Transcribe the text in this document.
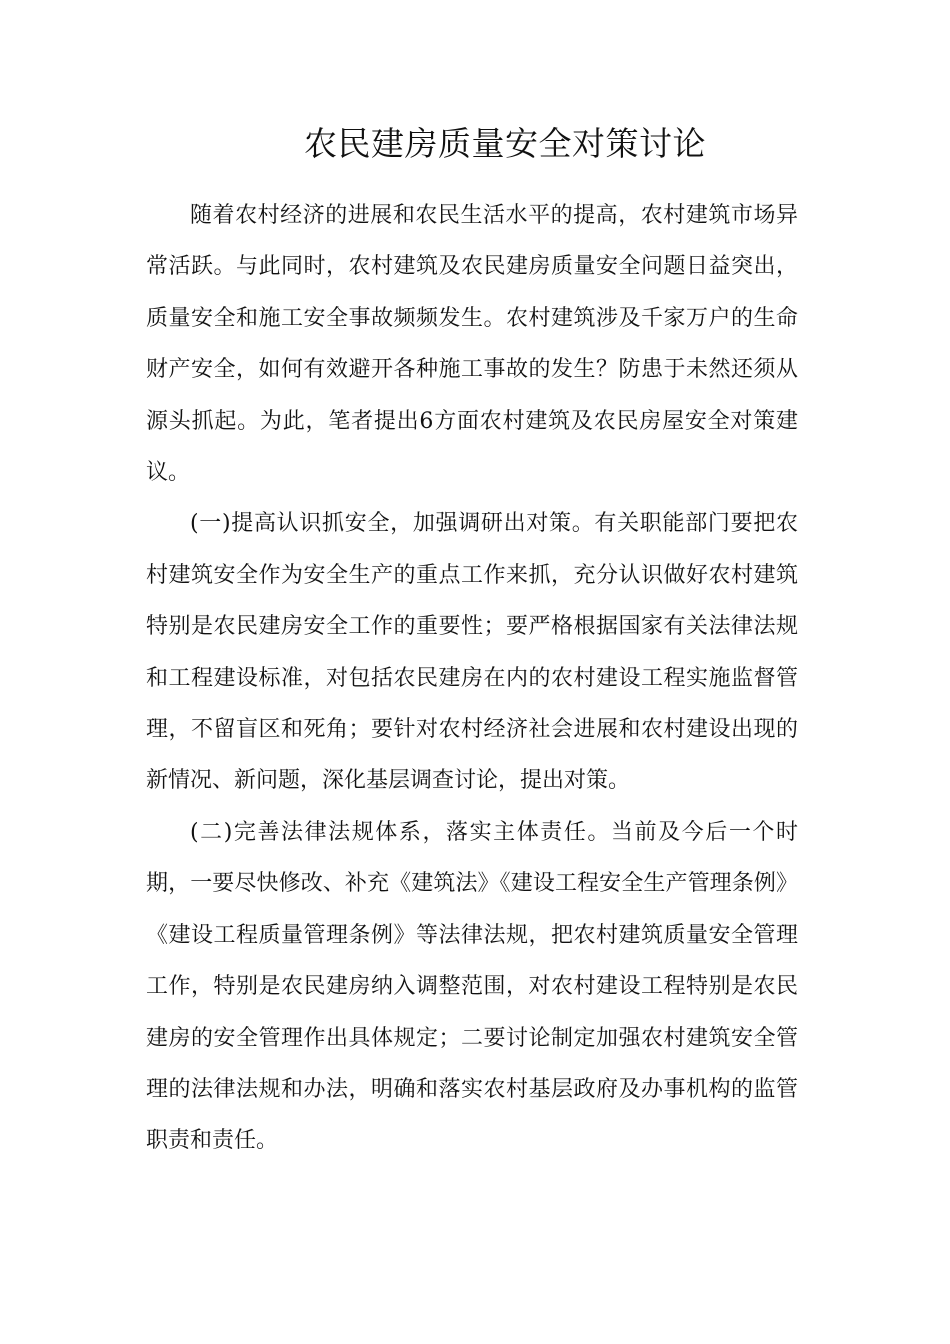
农民建房质量安全对策讨论

随着农村经济的进展和农民生活水平的提高，农村建筑市场异常活跃。与此同时，农村建筑及农民建房质量安全问题日益突出，质量安全和施工安全事故频频发生。农村建筑涉及千家万户的生命财产安全，如何有效避开各种施工事故的发生？防患于未然还须从源头抓起。为此，笔者提出6方面农村建筑及农民房屋安全对策建议。

(一)提高认识抓安全，加强调研出对策。有关职能部门要把农村建筑安全作为安全生产的重点工作来抓，充分认识做好农村建筑特别是农民建房安全工作的重要性；要严格根据国家有关法律法规和工程建设标准，对包括农民建房在内的农村建设工程实施监督管理，不留盲区和死角；要针对农村经济社会进展和农村建设出现的新情况、新问题，深化基层调查讨论，提出对策。

(二)完善法律法规体系，落实主体责任。当前及今后一个时期，一要尽快修改、补充《建筑法》《建设工程安全生产管理条例》《建设工程质量管理条例》等法律法规，把农村建筑质量安全管理工作，特别是农民建房纳入调整范围，对农村建设工程特别是农民建房的安全管理作出具体规定；二要讨论制定加强农村建筑安全管理的法律法规和办法，明确和落实农村基层政府及办事机构的监管职责和责任。
